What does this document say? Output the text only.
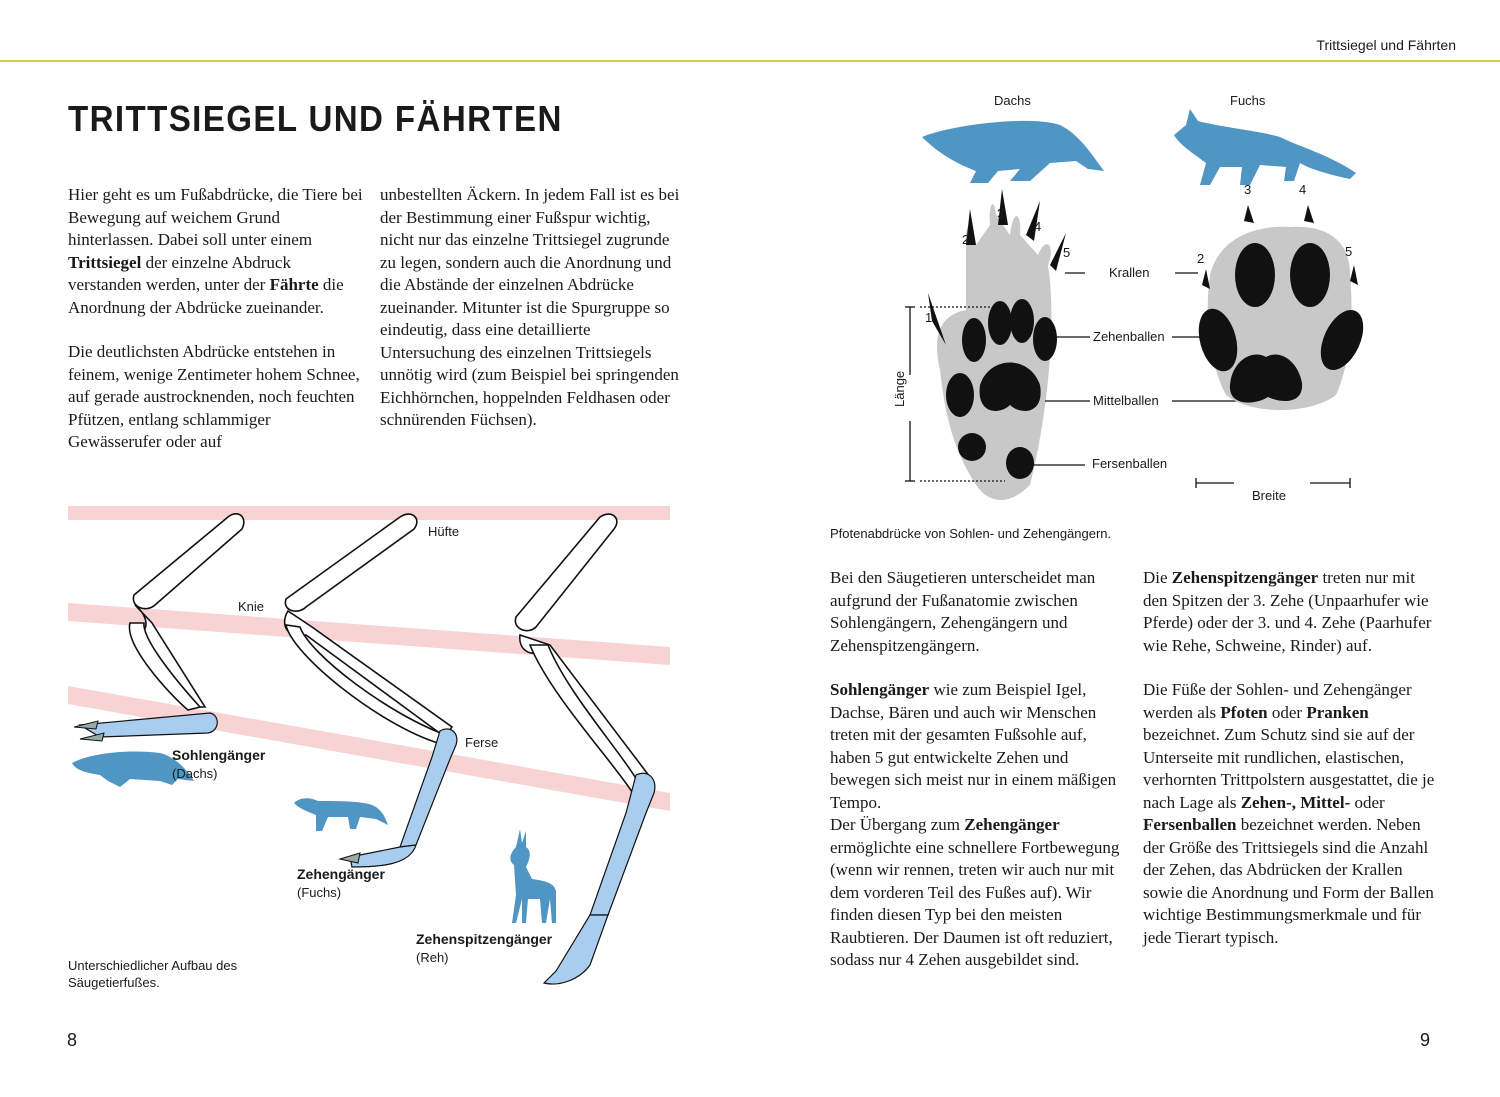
Trittsiegel und Fährten
TRITTSIEGEL UND FÄHRTEN

Hier geht es um Fußabdrücke, die Tiere bei Bewegung auf weichem Grund hinterlassen. Dabei soll unter einem Trittsiegel der einzelne Abdruck verstanden werden, unter der Fährte die Anordnung der Abdrücke zueinander.

Die deutlichsten Abdrücke entstehen in feinem, wenige Zentimeter hohem Schnee, auf gerade austrocknenden, noch feuchten Pfützen, entlang schlammiger Gewässerufer oder auf

unbestellten Äckern. In jedem Fall ist es bei der Bestimmung einer Fußspur wichtig, nicht nur das einzelne Trittsiegel zugrunde zu legen, sondern auch die Anordnung und die Abstände der einzelnen Abdrücke zueinander. Mitunter ist die Spurgruppe so eindeutig, dass eine detaillierte Untersuchung des einzelnen Trittsiegels unnötig wird (zum Beispiel bei springenden Eichhörnchen, hoppelnden Feldhasen oder schnürenden Füchsen).

Hüfte
Knie
Ferse
Sohlengänger
(Dachs)
Zehengänger
(Fuchs)
Zehenspitzengänger
(Reh)
Unterschiedlicher Aufbau des Säugetierfußes.
8
Dachs	Fuchs
1
2
3
4
5	2
3	4
5
Krallen
Zehenballen
Mittelballen
Fersenballen
Länge
Breite
Pfotenabdrücke von Sohlen- und Zehengängern.

Bei den Säugetieren unterscheidet man aufgrund der Fußanatomie zwischen Sohlengängern, Zehengängern und Zehenspitzengängern.

Sohlengänger wie zum Beispiel Igel, Dachse, Bären und auch wir Menschen treten mit der gesamten Fußsohle auf, haben 5 gut entwickelte Zehen und bewegen sich meist nur in einem mäßigen Tempo.

Der Übergang zum Zehengänger ermöglichte eine schnellere Fortbewegung (wenn wir rennen, treten wir auch nur mit dem vorderen Teil des Fußes auf). Wir finden diesen Typ bei den meisten Raubtieren. Der Daumen ist oft reduziert, sodass nur 4 Zehen ausgebildet sind.

Die Zehenspitzengänger treten nur mit den Spitzen der 3. Zehe (Unpaarhufer wie Pferde) oder der 3. und 4. Zehe (Paarhufer wie Rehe, Schweine, Rinder) auf.

Die Füße der Sohlen- und Zehengänger werden als Pfoten oder Pranken bezeichnet. Zum Schutz sind sie auf der Unterseite mit rundlichen, elastischen, verhornten Trittpolstern ausgestattet, die je nach Lage als Zehen-, Mittel- oder Fersenballen bezeichnet werden. Neben der Größe des Trittsiegels sind die Anzahl der Zehen, das Abdrücken der Krallen sowie die Anordnung und Form der Ballen wichtige Bestimmungsmerkmale und für jede Tierart typisch.

9
